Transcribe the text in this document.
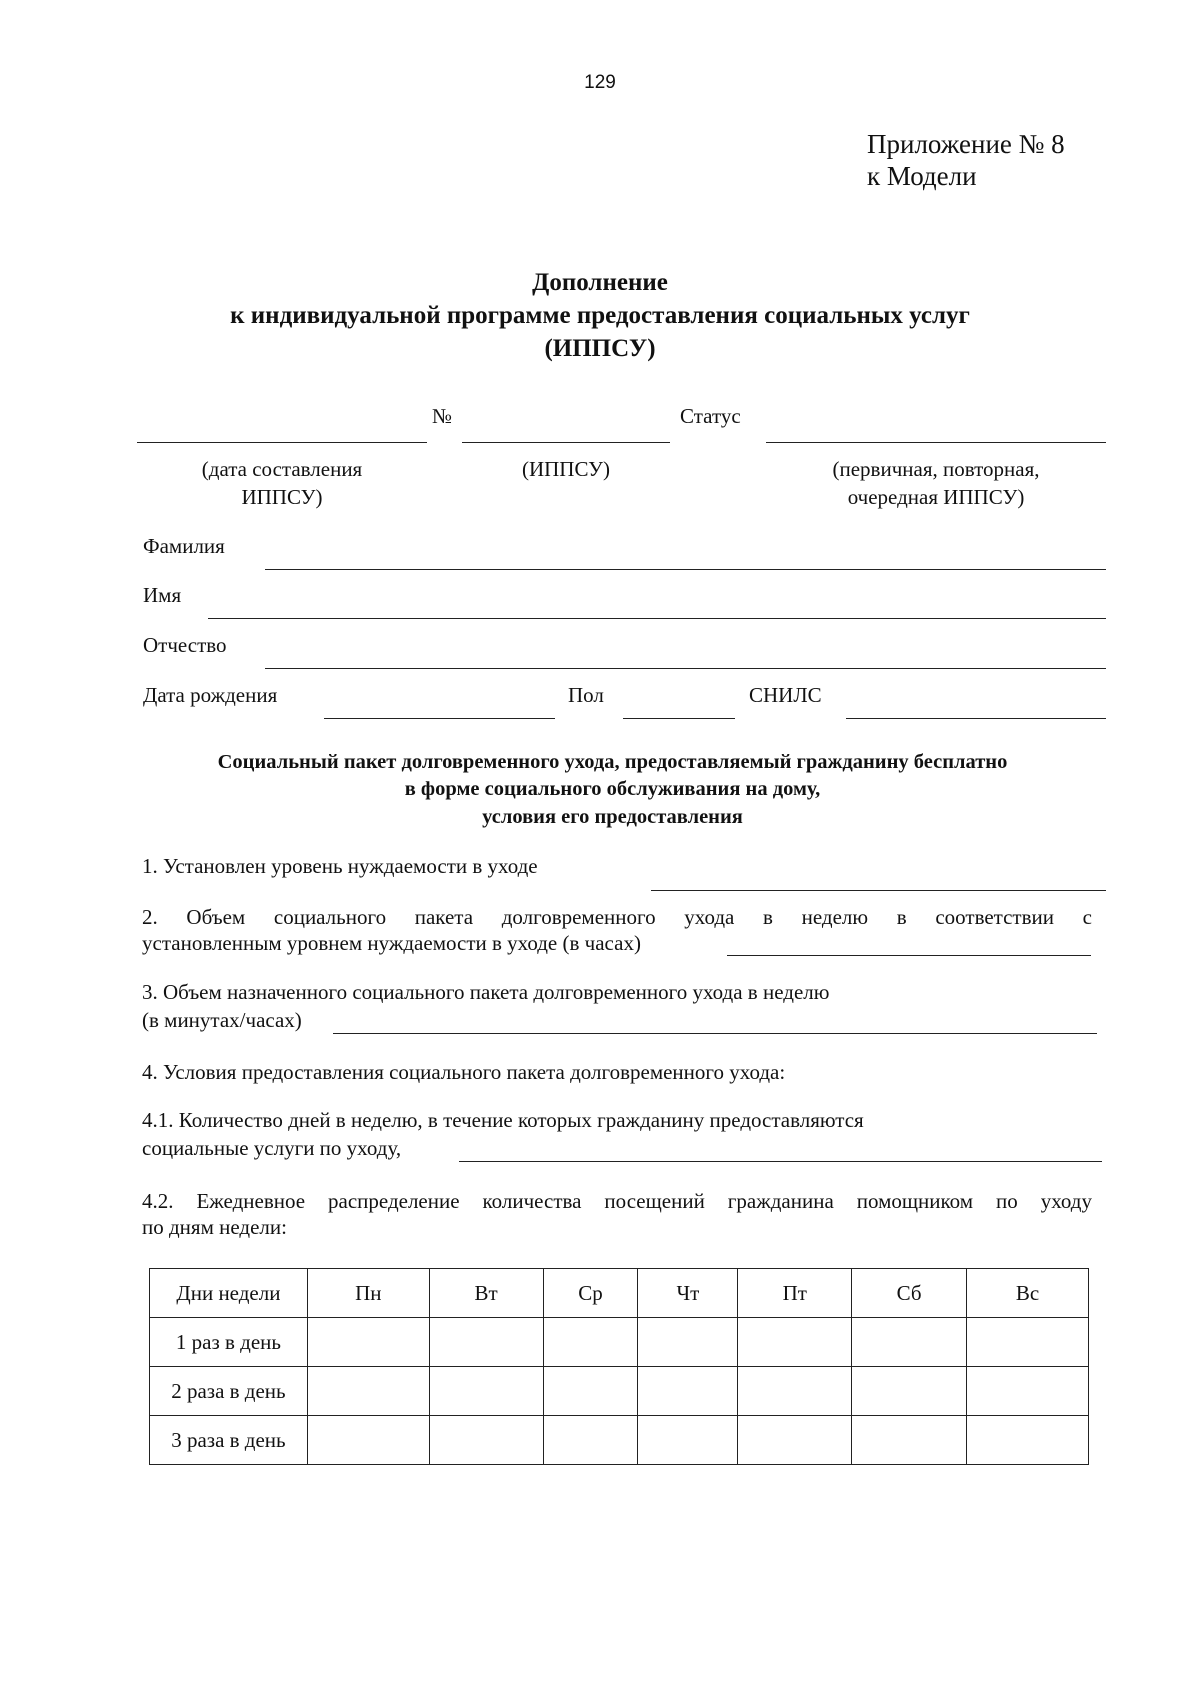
129
Приложение № 8
к Модели
Дополнение
к индивидуальной программе предоставления социальных услуг
(ИППСУ)
№	Статус
(дата составления
ИППСУ)
(ИППСУ)	(первичная, повторная,
очередная ИППСУ)
Фамилия
Имя
Отчество
Дата рождения	Пол	СНИЛС
Социальный пакет долговременного ухода, предоставляемый гражданину бесплатно
в форме социального обслуживания на дому,
условия его предоставления
1. Установлен уровень нуждаемости в уходе
2. Объем социального пакета долговременного ухода в неделю в соответствии с
установленным уровнем нуждаемости в уходе (в часах)
3. Объем назначенного социального пакета долговременного ухода в неделю
(в минутах/часах)
4. Условия предоставления социального пакета долговременного ухода:
4.1. Количество дней в неделю, в течение которых гражданину предоставляются
социальные услуги по уходу,
4.2. Ежедневное распределение количества посещений гражданина помощником по уходу
по дням недели:
Дни недели	Пн	Вт	Ср	Чт	Пт	Сб	Вс
1 раз в день							
2 раза в день							
3 раза в день							
